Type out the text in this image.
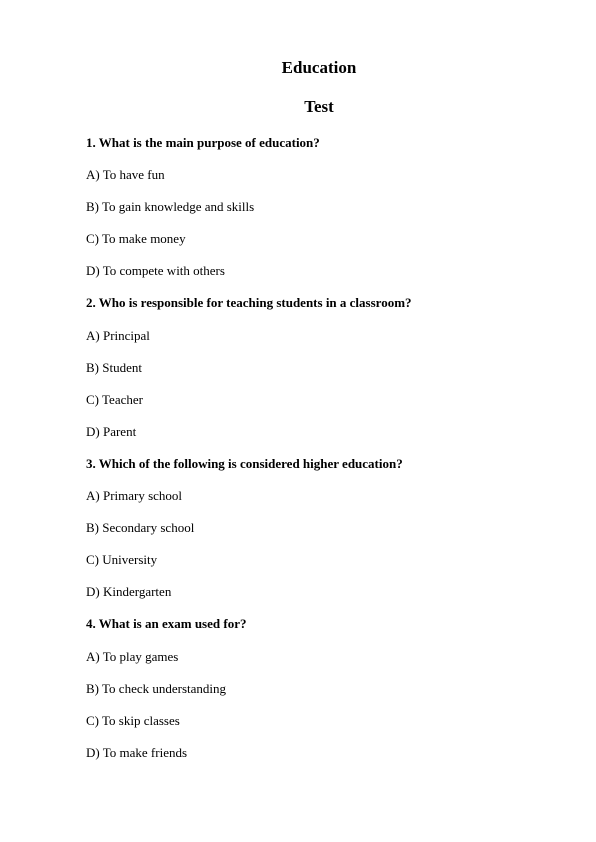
Education
Test

1. What is the main purpose of education?

A) To have fun

B) To gain knowledge and skills

C) To make money

D) To compete with others

2. Who is responsible for teaching students in a classroom?

A) Principal

B) Student

C) Teacher

D) Parent

3. Which of the following is considered higher education?

A) Primary school

B) Secondary school

C) University

D) Kindergarten

4. What is an exam used for?

A) To play games

B) To check understanding

C) To skip classes

D) To make friends
